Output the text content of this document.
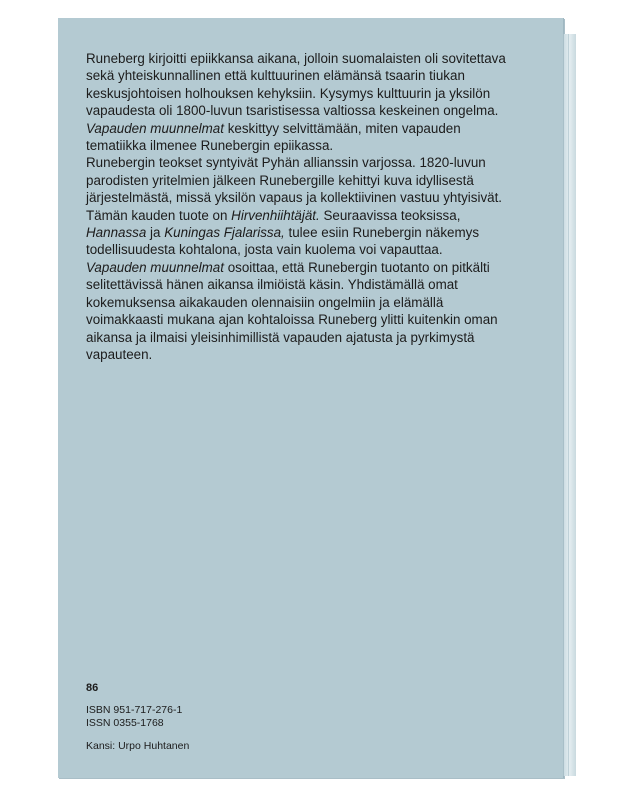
Runeberg kirjoitti epiikkansa aikana, jolloin suomalaisten oli sovitettava
sekä yhteiskunnallinen että kulttuurinen elämänsä tsaarin tiukan
keskusjohtoisen holhouksen kehyksiin. Kysymys kulttuurin ja yksilön
vapaudesta oli 1800-luvun tsaristisessa valtiossa keskeinen ongelma.
Vapauden muunnelmat keskittyy selvittämään, miten vapauden
tematiikka ilmenee Runebergin epiikassa.

Runebergin teokset syntyivät Pyhän allianssin varjossa. 1820-luvun
parodisten yritelmien jälkeen Runebergille kehittyi kuva idyllisestä
järjestelmästä, missä yksilön vapaus ja kollektiivinen vastuu yhtyisivät.
Tämän kauden tuote on Hirvenhiihtäjät. Seuraavissa teoksissa,
Hannassa ja Kuningas Fjalarissa, tulee esiin Runebergin näkemys
todellisuudesta kohtalona, josta vain kuolema voi vapauttaa.
Vapauden muunnelmat osoittaa, että Runebergin tuotanto on pitkälti
selitettävissä hänen aikansa ilmiöistä käsin. Yhdistämällä omat
kokemuksensa aikakauden olennaisiin ongelmiin ja elämällä
voimakkaasti mukana ajan kohtaloissa Runeberg ylitti kuitenkin oman
aikansa ja ilmaisi yleisinhimillistä vapauden ajatusta ja pyrkimystä
vapauteen.

86
ISBN 951-717-276-1
ISSN 0355-1768
Kansi: Urpo Huhtanen
